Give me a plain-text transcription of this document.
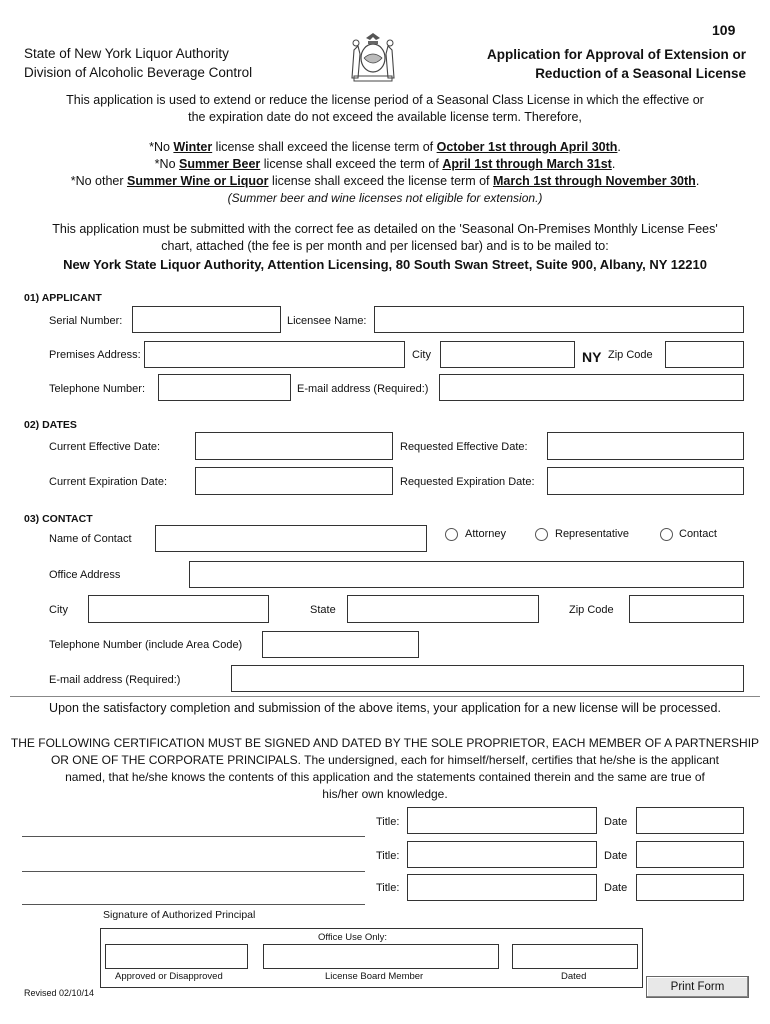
109
State of New York Liquor Authority
Division of Alcoholic Beverage Control
Application for Approval of Extension or
Reduction of a Seasonal License
This application is used to extend or reduce the license period of a Seasonal Class License in which the effective or
the expiration date do not exceed the available license term. Therefore,
*No Winter license shall exceed the license term of October 1st through April 30th.
*No Summer Beer license shall exceed the term of April 1st through March 31st.
*No other Summer Wine or Liquor license shall exceed the license term of March 1st through November 30th.
(Summer beer and wine licenses not eligible for extension.)
This application must be submitted with the correct fee as detailed on the 'Seasonal On-Premises Monthly License Fees'
chart, attached (the fee is per month and per licensed bar) and is to be mailed to:
New York State Liquor Authority, Attention Licensing, 80 South Swan Street, Suite 900, Albany, NY 12210
01) APPLICANT
Serial Number:	Licensee Name:
Premises Address:	City	NY Zip Code
Telephone Number:	E-mail address (Required:)
02) DATES
Current Effective Date:	Requested Effective Date:
Current Expiration Date:	Requested Expiration Date:
03) CONTACT
Name of Contact	Attorney	Representative	Contact
Office Address
City	State	Zip Code
Telephone Number (include Area Code)
E-mail address (Required:)
Upon the satisfactory completion and submission of the above items, your application for a new license will be processed.
THE FOLLOWING CERTIFICATION MUST BE SIGNED AND DATED BY THE SOLE PROPRIETOR, EACH MEMBER OF A PARTNERSHIP
OR ONE OF THE CORPORATE PRINCIPALS. The undersigned, each for himself/herself, certifies that he/she is the applicant
named, that he/she knows the contents of this application and the statements contained therein and the same are true of
his/her own knowledge.
Title:	Date
Title:	Date
Title:	Date
Signature of Authorized Principal
Office Use Only:
Approved or Disapproved	License Board Member	Dated
Revised 02/10/14	Print Form
